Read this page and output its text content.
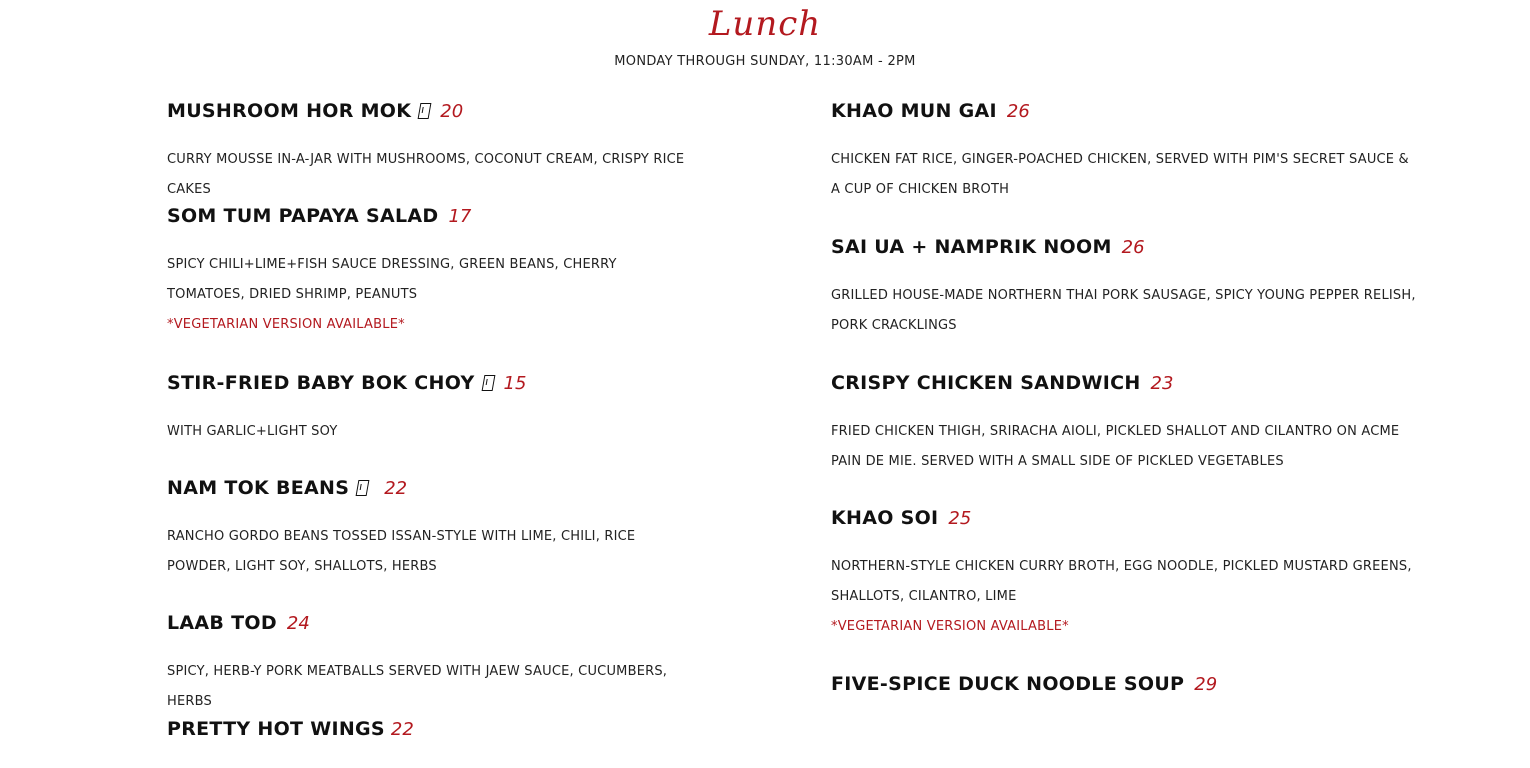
Lunch
MONDAY THROUGH SUNDAY, 11:30AM - 2PM
MUSHROOM HOR MOK 20
CURRY MOUSSE IN-A-JAR WITH MUSHROOMS, COCONUT CREAM, CRISPY RICE CAKES
SOM TUM PAPAYA SALAD 17
SPICY CHILI+LIME+FISH SAUCE DRESSING, GREEN BEANS, CHERRY TOMATOES, DRIED SHRIMP, PEANUTS
*VEGETARIAN VERSION AVAILABLE*
STIR-FRIED BABY BOK CHOY 15
WITH GARLIC+LIGHT SOY
NAM TOK BEANS 22
RANCHO GORDO BEANS TOSSED ISSAN-STYLE WITH LIME, CHILI, RICE POWDER, LIGHT SOY, SHALLOTS, HERBS
LAAB TOD 24
SPICY, HERB-Y PORK MEATBALLS SERVED WITH JAEW SAUCE, CUCUMBERS, HERBS
PRETTY HOT WINGS 22
KHAO MUN GAI 26
CHICKEN FAT RICE, GINGER-POACHED CHICKEN, SERVED WITH PIM'S SECRET SAUCE & A CUP OF CHICKEN BROTH
SAI UA + NAMPRIK NOOM 26
GRILLED HOUSE-MADE NORTHERN THAI PORK SAUSAGE, SPICY YOUNG PEPPER RELISH, PORK CRACKLINGS
CRISPY CHICKEN SANDWICH 23
FRIED CHICKEN THIGH, SRIRACHA AIOLI, PICKLED SHALLOT AND CILANTRO ON ACME PAIN DE MIE. SERVED WITH A SMALL SIDE OF PICKLED VEGETABLES
KHAO SOI 25
NORTHERN-STYLE CHICKEN CURRY BROTH, EGG NOODLE, PICKLED MUSTARD GREENS, SHALLOTS, CILANTRO, LIME
*VEGETARIAN VERSION AVAILABLE*
FIVE-SPICE DUCK NOODLE SOUP 29
